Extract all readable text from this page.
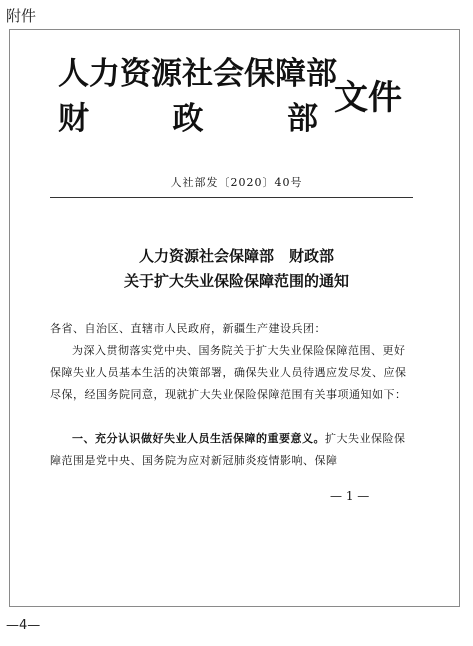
附件
人力资源社会保障部
财	政	部
文件
人社部发〔2020〕40号
人力资源社会保障部　财政部
关于扩大失业保险保障范围的通知
各省、自治区、直辖市人民政府，新疆生产建设兵团：
为深入贯彻落实党中央、国务院关于扩大失业保险保障范围、更好保障失业人员基本生活的决策部署，确保失业人员待遇应发尽发、应保尽保，经国务院同意，现就扩大失业保险保障范围有关事项通知如下：
一、充分认识做好失业人员生活保障的重要意义。扩大失业保险保障范围是党中央、国务院为应对新冠肺炎疫情影响、保障
— 1 —
—4—
